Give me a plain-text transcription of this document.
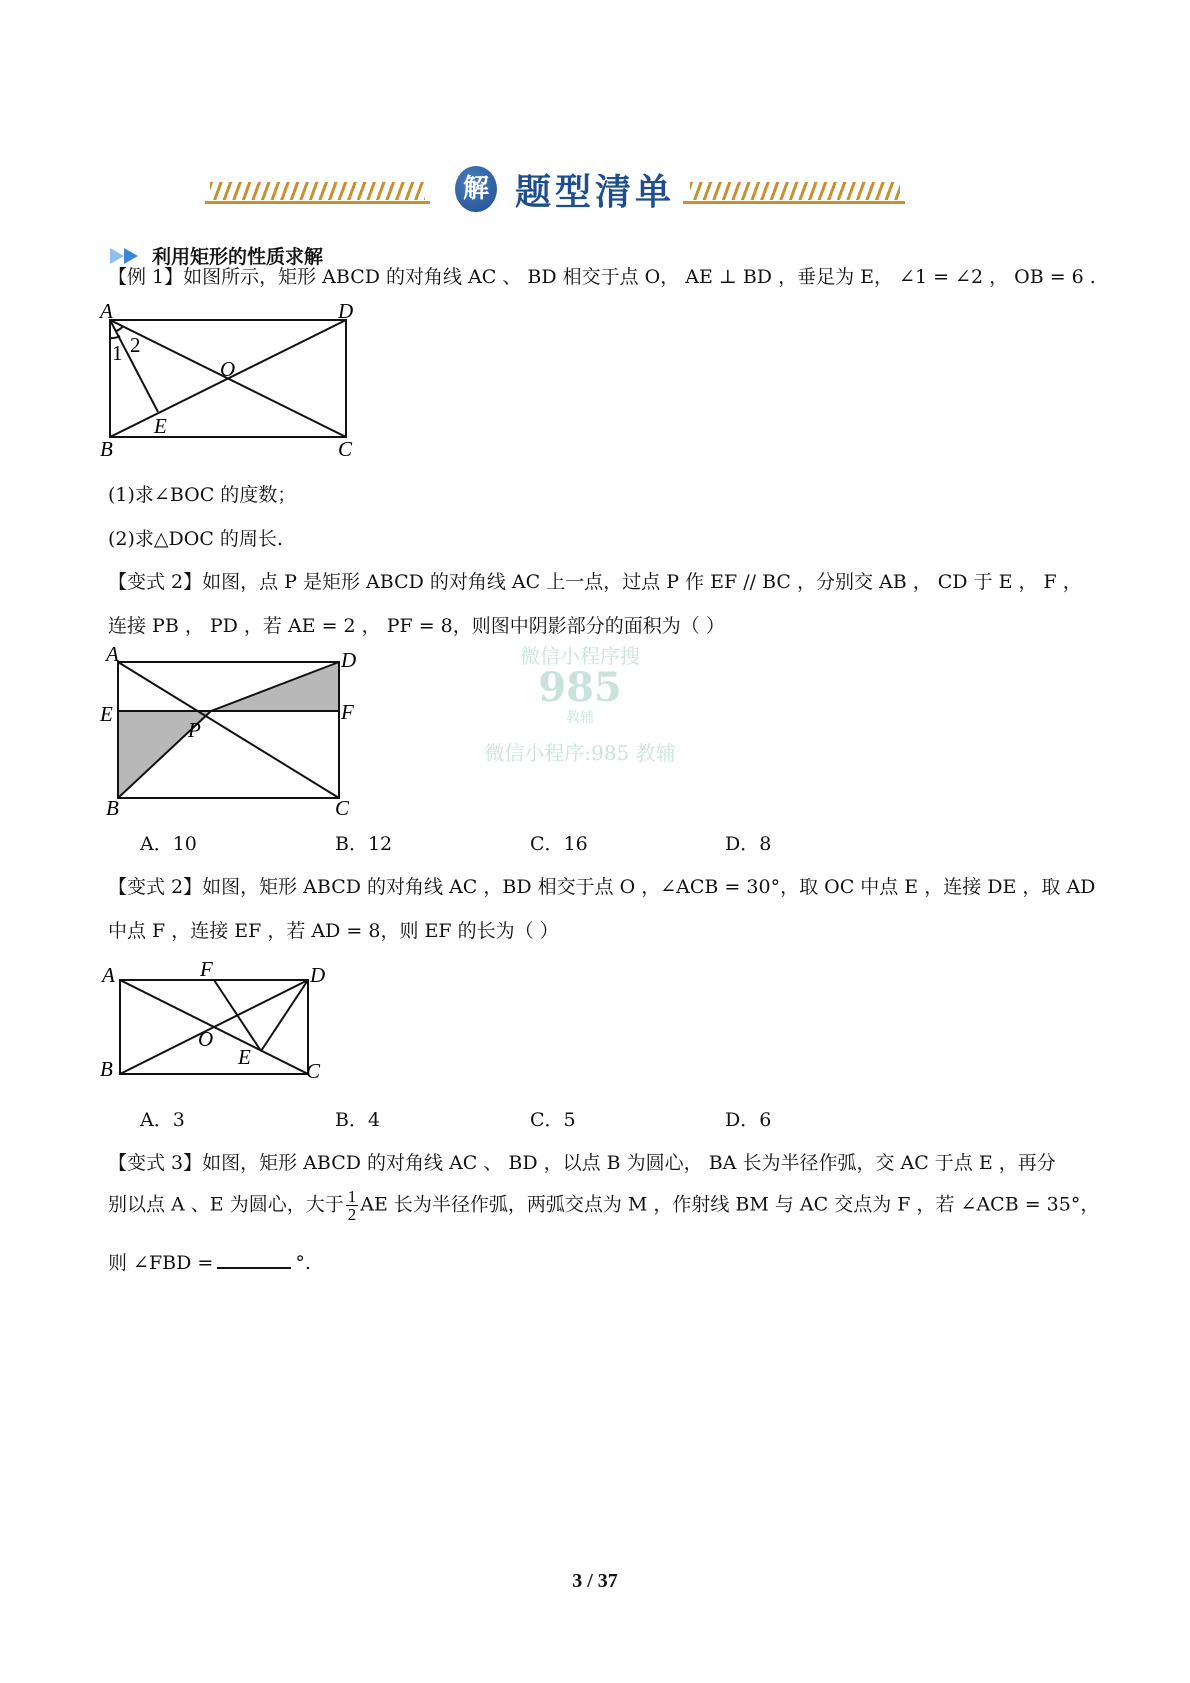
解 题型清单
利用矩形的性质求解
【例 1】如图所示，矩形 ABCD 的对角线 AC 、 BD 相交于点 O， AE ⊥ BD ，垂足为 E， ∠1 = ∠2 ， OB = 6 .
A	D
B	C
E
O
1 2
(1)求∠BOC 的度数；
(2)求△DOC 的周长.
【变式 2】如图，点 P 是矩形 ABCD 的对角线 AC 上一点，过点 P 作 EF // BC ，分别交 AB ， CD 于 E ， F ，
连接 PB ， PD ，若 AE = 2 ， PF = 8，则图中阴影部分的面积为（ ）
微信小程序搜
985
教辅
微信小程序:985 教辅
A	D
E	F
P
B	C
A．10	B．12	C．16	D．8
【变式 2】如图，矩形 ABCD 的对角线 AC ，BD 相交于点 O ，∠ACB = 30°，取 OC 中点 E ，连接 DE ，取 AD
中点 F ，连接 EF ，若 AD = 8，则 EF 的长为（ ）
A	F	D
O
E
B	C
A．3	B．4	C．5	D．6
【变式 3】如图，矩形 ABCD 的对角线 AC 、 BD ，以点 B 为圆心， BA 长为半径作弧，交 AC 于点 E ，再分
别以点 A 、E 为圆心，大于 $\frac{1}{2}$ AE 长为半径作弧，两弧交点为 M ，作射线 BM 与 AC 交点为 F ，若 ∠ACB = 35°，
则 ∠FBD =	°.
3 / 37
